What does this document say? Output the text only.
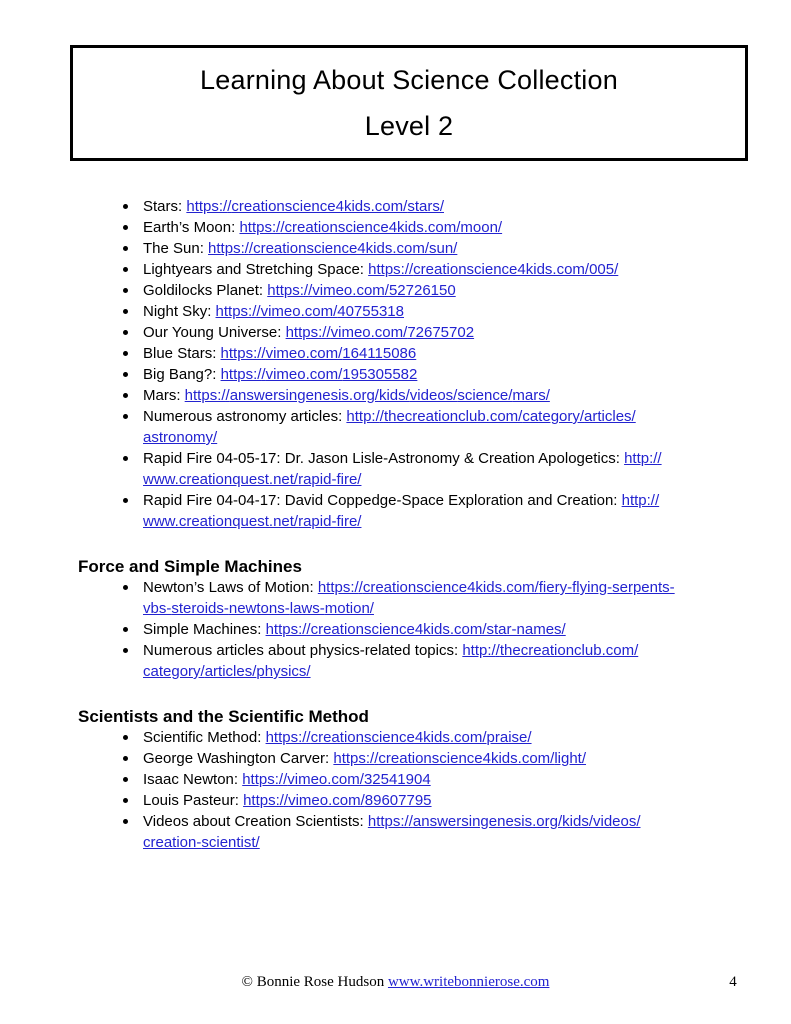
Learning About Science Collection
Level 2
Stars: https://creationscience4kids.com/stars/
Earth’s Moon: https://creationscience4kids.com/moon/
The Sun: https://creationscience4kids.com/sun/
Lightyears and Stretching Space: https://creationscience4kids.com/005/
Goldilocks Planet: https://vimeo.com/52726150
Night Sky: https://vimeo.com/40755318
Our Young Universe: https://vimeo.com/72675702
Blue Stars: https://vimeo.com/164115086
Big Bang?: https://vimeo.com/195305582
Mars: https://answersingenesis.org/kids/videos/science/mars/
Numerous astronomy articles: http://thecreationclub.com/category/articles/astronomy/
Rapid Fire 04-05-17: Dr. Jason Lisle-Astronomy & Creation Apologetics: http://www.creationquest.net/rapid-fire/
Rapid Fire 04-04-17: David Coppedge-Space Exploration and Creation: http://www.creationquest.net/rapid-fire/
Force and Simple Machines
Newton’s Laws of Motion: https://creationscience4kids.com/fiery-flying-serpents-vbs-steroids-newtons-laws-motion/
Simple Machines: https://creationscience4kids.com/star-names/
Numerous articles about physics-related topics: http://thecreationclub.com/category/articles/physics/
Scientists and the Scientific Method
Scientific Method: https://creationscience4kids.com/praise/
George Washington Carver: https://creationscience4kids.com/light/
Isaac Newton: https://vimeo.com/32541904
Louis Pasteur: https://vimeo.com/89607795
Videos about Creation Scientists: https://answersingenesis.org/kids/videos/creation-scientist/
© Bonnie Rose Hudson www.writebonnierose.com	4
